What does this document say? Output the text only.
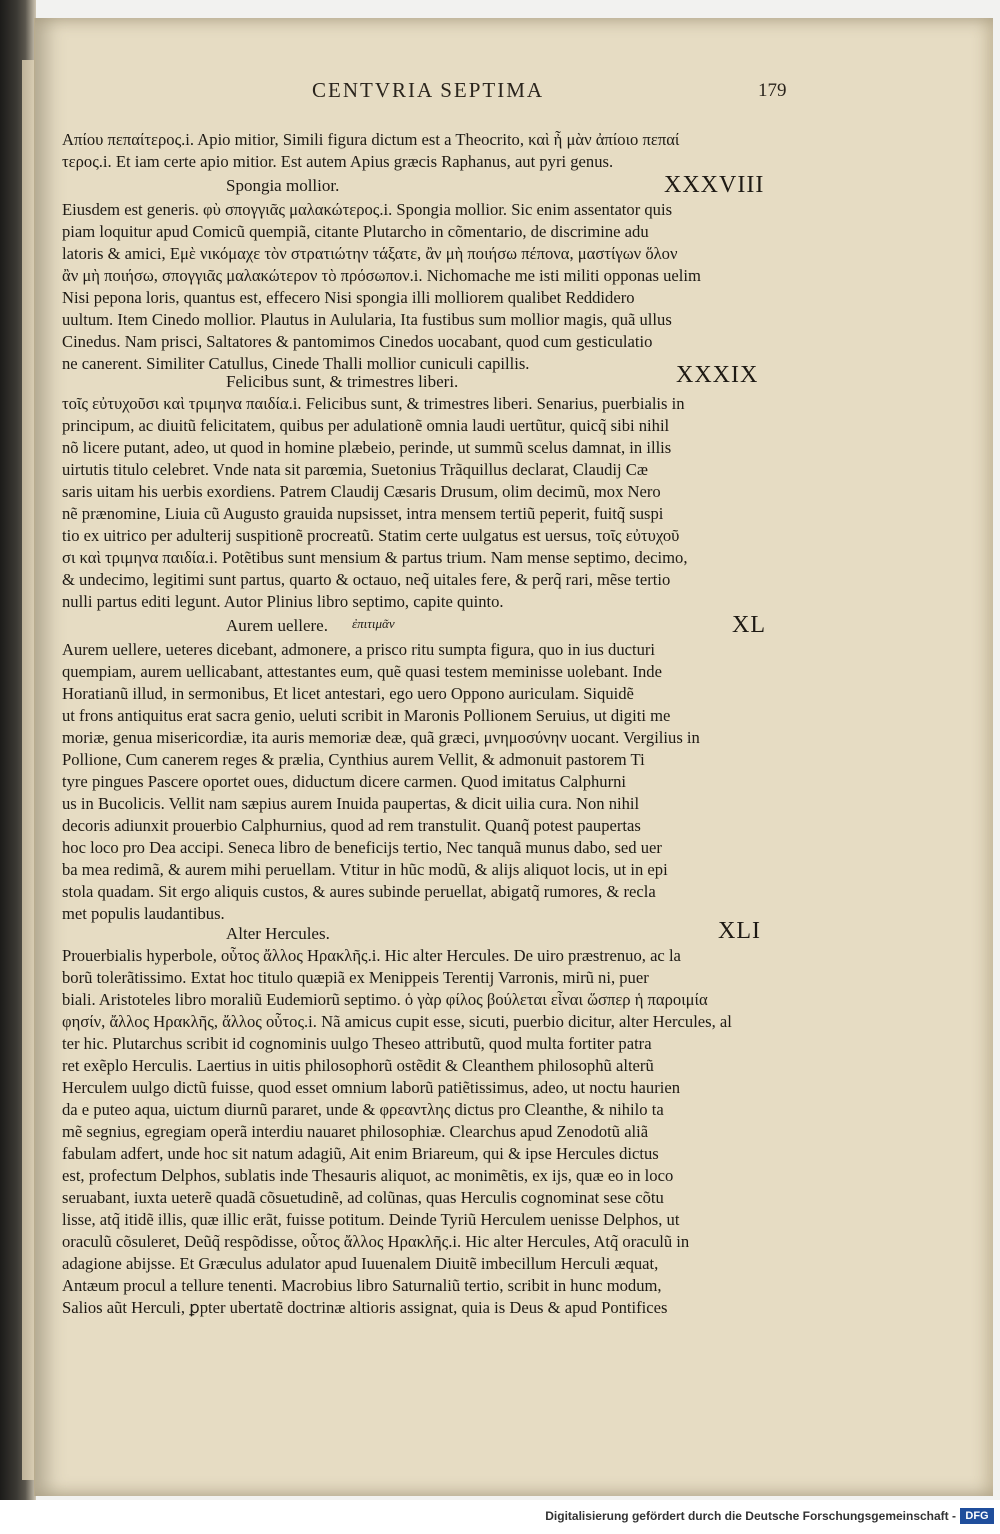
CENTVRIA SEPTIMA	179
Απίου πεπαίτερος.i. Apio mitior, Simili figura dictum est a Theocrito, καὶ ἦ μὰν ἀπίοιο πεπαί
τερος.i. Et iam certe apio mitior. Est autem Apius græcis Raphanus, aut pyri genus.
Spongia mollior.	XXXVIII
Eiusdem est generis. φὺ σπογγιᾶς μαλακώτερος.i. Spongia mollior. Sic enim assentator quis
piam loquitur apud Comicũ quempiã, citante Plutarcho in cõmentario, de discrimine adu
latoris & amici, Εμὲ νικόμαχε τὸν στρατιώτην τάξατε, ἂν μὴ ποιήσω πέπονα, μαστίγων ὅλον
ἂν μὴ ποιήσω, σπογγιᾶς μαλακώτερον τὸ πρόσωπον.i. Nichomache me isti militi opponas uelim
Nisi pepona loris, quantus est, effecero Nisi spongia illi molliorem qualibet Reddidero
uultum. Item Cinedo mollior. Plautus in Aulularia, Ita fustibus sum mollior magis, quã ullus
Cinedus. Nam prisci, Saltatores & pantomimos Cinedos uocabant, quod cum gesticulatio
ne canerent. Similiter Catullus, Cinede Thalli mollior cuniculi capillis.
Felicibus sunt, & trimestres liberi.	XXXIX
τοῖς εὐτυχοῦσι καὶ τριμηνα παιδία.i. Felicibus sunt, & trimestres liberi. Senarius, puerbialis in
principum, ac diuitũ felicitatem, quibus per adulationẽ omnia laudi uertũtur, quicq̃ sibi nihil
nõ licere putant, adeo, ut quod in homine plæbeio, perinde, ut summũ scelus damnat, in illis
uirtutis titulo celebret. Vnde nata sit parœmia, Suetonius Trãquillus declarat, Claudij Cæ
saris uitam his uerbis exordiens. Patrem Claudij Cæsaris Drusum, olim decimũ, mox Nero
nẽ prænomine, Liuia cũ Augusto grauida nupsisset, intra mensem tertiũ peperit, fuitq̃ suspi
tio ex uitrico per adulterij suspitionẽ procreatũ. Statim certe uulgatus est uersus, τοῖς εὐτυχοῦ
σι καὶ τριμηνα παιδία.i. Potẽtibus sunt mensium & partus trium. Nam mense septimo, decimo,
& undecimo, legitimi sunt partus, quarto & octauo, neq̃ uitales fere, & perq̃ rari, mẽse tertio
nulli partus editi legunt. Autor Plinius libro septimo, capite quinto.
Aurem uellere. ἐπιτιμᾶν	XL
Aurem uellere, ueteres dicebant, admonere, a prisco ritu sumpta figura, quo in ius ducturi
quempiam, aurem uellicabant, attestantes eum, quẽ quasi testem meminisse uolebant. Inde
Horatianũ illud, in sermonibus, Et licet antestari, ego uero Oppono auriculam. Siquidẽ
ut frons antiquitus erat sacra genio, ueluti scribit in Maronis Pollionem Seruius, ut digiti me
moriæ, genua misericordiæ, ita auris memoriæ deæ, quã græci, μνημοσύνην uocant. Vergilius in
Pollione, Cum canerem reges & prælia, Cynthius aurem Vellit, & admonuit pastorem Ti
tyre pingues Pascere oportet oues, diductum dicere carmen. Quod imitatus Calphurni
us in Bucolicis. Vellit nam sæpius aurem Inuida paupertas, & dicit uilia cura. Non nihil
decoris adiunxit prouerbio Calphurnius, quod ad rem transtulit. Quanq̃ potest paupertas
hoc loco pro Dea accipi. Seneca libro de beneficijs tertio, Nec tanquã munus dabo, sed uer
ba mea redimã, & aurem mihi peruellam. Vtitur in hũc modũ, & alijs aliquot locis, ut in epi
stola quadam. Sit ergo aliquis custos, & aures subinde peruellat, abigatq̃ rumores, & recla
met populis laudantibus.
Alter Hercules.	XLI
Prouerbialis hyperbole, οὗτος ἄλλος Ηρακλῆς.i. Hic alter Hercules. De uiro præstrenuo, ac la
borũ tolerãtissimo. Extat hoc titulo quæpiã ex Menippeis Terentij Varronis, mirũ ni, puer
biali. Aristoteles libro moraliũ Eudemiorũ septimo. ὁ γὰρ φίλος βούλεται εἶναι ὥσπερ ἡ παροιμία
φησίν, ἄλλος Ηρακλῆς, ἄλλος οὗτος.i. Nã amicus cupit esse, sicuti, puerbio dicitur, alter Hercules, al
ter hic. Plutarchus scribit id cognominis uulgo Theseo attributũ, quod multa fortiter patra
ret exẽplo Herculis. Laertius in uitis philosophorũ ostẽdit & Cleanthem philosophũ alterũ
Herculem uulgo dictũ fuisse, quod esset omnium laborũ patiẽtissimus, adeo, ut noctu haurien
da e puteo aqua, uictum diurnũ pararet, unde & φρεαντλης dictus pro Cleanthe, & nihilo ta
mẽ segnius, egregiam operã interdiu nauaret philosophiæ. Clearchus apud Zenodotũ aliã
fabulam adfert, unde hoc sit natum adagiũ, Ait enim Briareum, qui & ipse Hercules dictus
est, profectum Delphos, sublatis inde Thesauris aliquot, ac monimẽtis, ex ijs, quæ eo in loco
seruabant, iuxta ueterẽ quadã cõsuetudinẽ, ad colũnas, quas Herculis cognominat sese cõtu
lisse, atq̃ itidẽ illis, quæ illic erãt, fuisse potitum. Deinde Tyriũ Herculem uenisse Delphos, ut
oraculũ cõsuleret, Deũq̃ respõdisse, οὗτος ἄλλος Ηρακλῆς.i. Hic alter Hercules, Atq̃ oraculũ in
adagione abijsse. Et Græculus adulator apud Iuuenalem Diuitẽ imbecillum Herculi æquat,
Antæum procul a tellure tenenti. Macrobius libro Saturnaliũ tertio, scribit in hunc modum,
Salios aũt Herculi, ꝑpter ubertatẽ doctrinæ altioris assignat, quia is Deus & apud Pontifices
Digitalisierung gefördert durch die Deutsche Forschungsgemeinschaft - DFG
